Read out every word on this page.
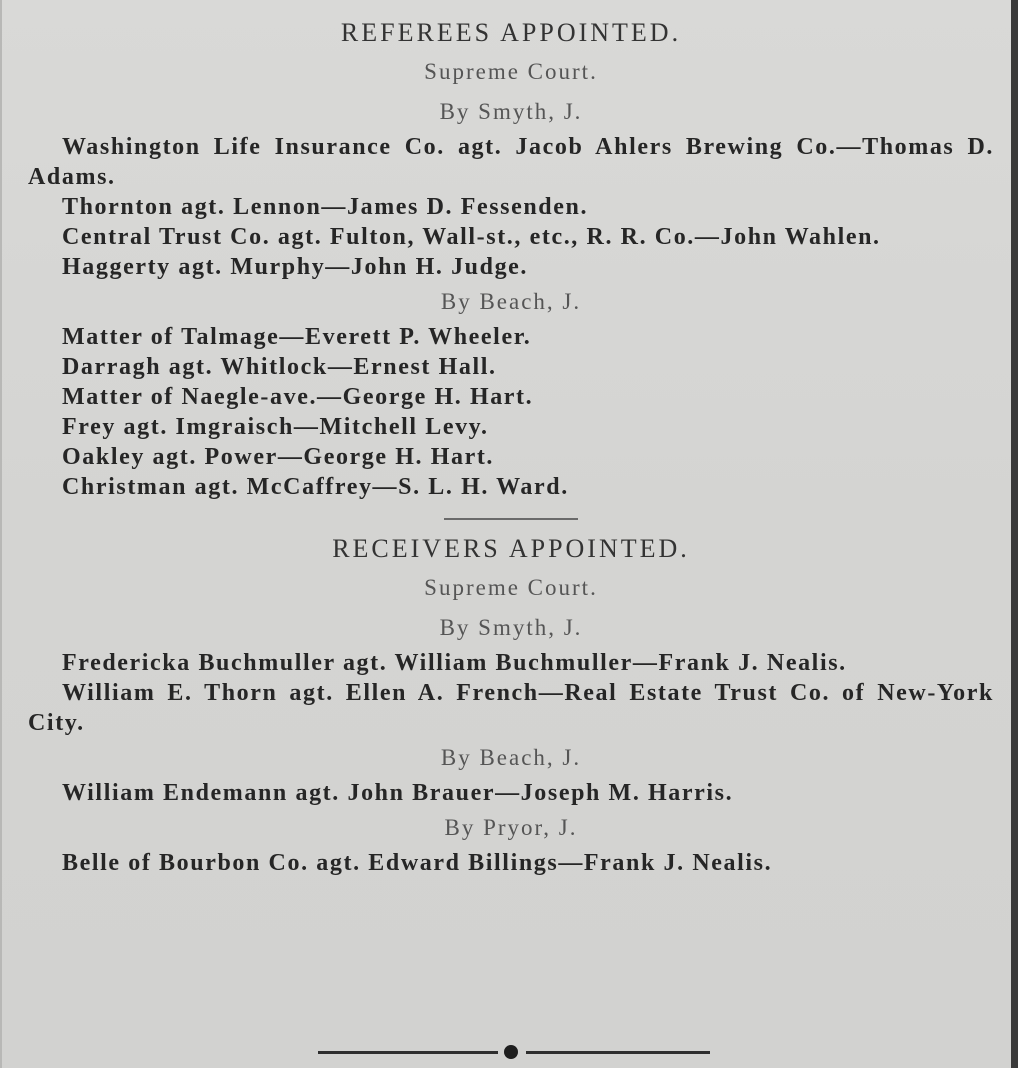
REFEREES APPOINTED.
Supreme Court.
By Smyth, J.

Washington Life Insurance Co. agt. Jacob Ahlers Brewing Co.—Thomas D. Adams.

Thornton agt. Lennon—James D. Fessenden.

Central Trust Co. agt. Fulton, Wall-st., etc., R. R. Co.—John Wahlen.

Haggerty agt. Murphy—John H. Judge.

By Beach, J.

Matter of Talmage—Everett P. Wheeler.

Darragh agt. Whitlock—Ernest Hall.

Matter of Naegle-ave.—George H. Hart.

Frey agt. Imgraisch—Mitchell Levy.

Oakley agt. Power—George H. Hart.

Christman agt. McCaffrey—S. L. H. Ward.

RECEIVERS APPOINTED.
Supreme Court.
By Smyth, J.

Fredericka Buchmuller agt. William Buchmuller—Frank J. Nealis.

William E. Thorn agt. Ellen A. French—Real Estate Trust Co. of New-York City.

By Beach, J.

William Endemann agt. John Brauer—Joseph M. Harris.

By Pryor, J.

Belle of Bourbon Co. agt. Edward Billings—Frank J. Nealis.
